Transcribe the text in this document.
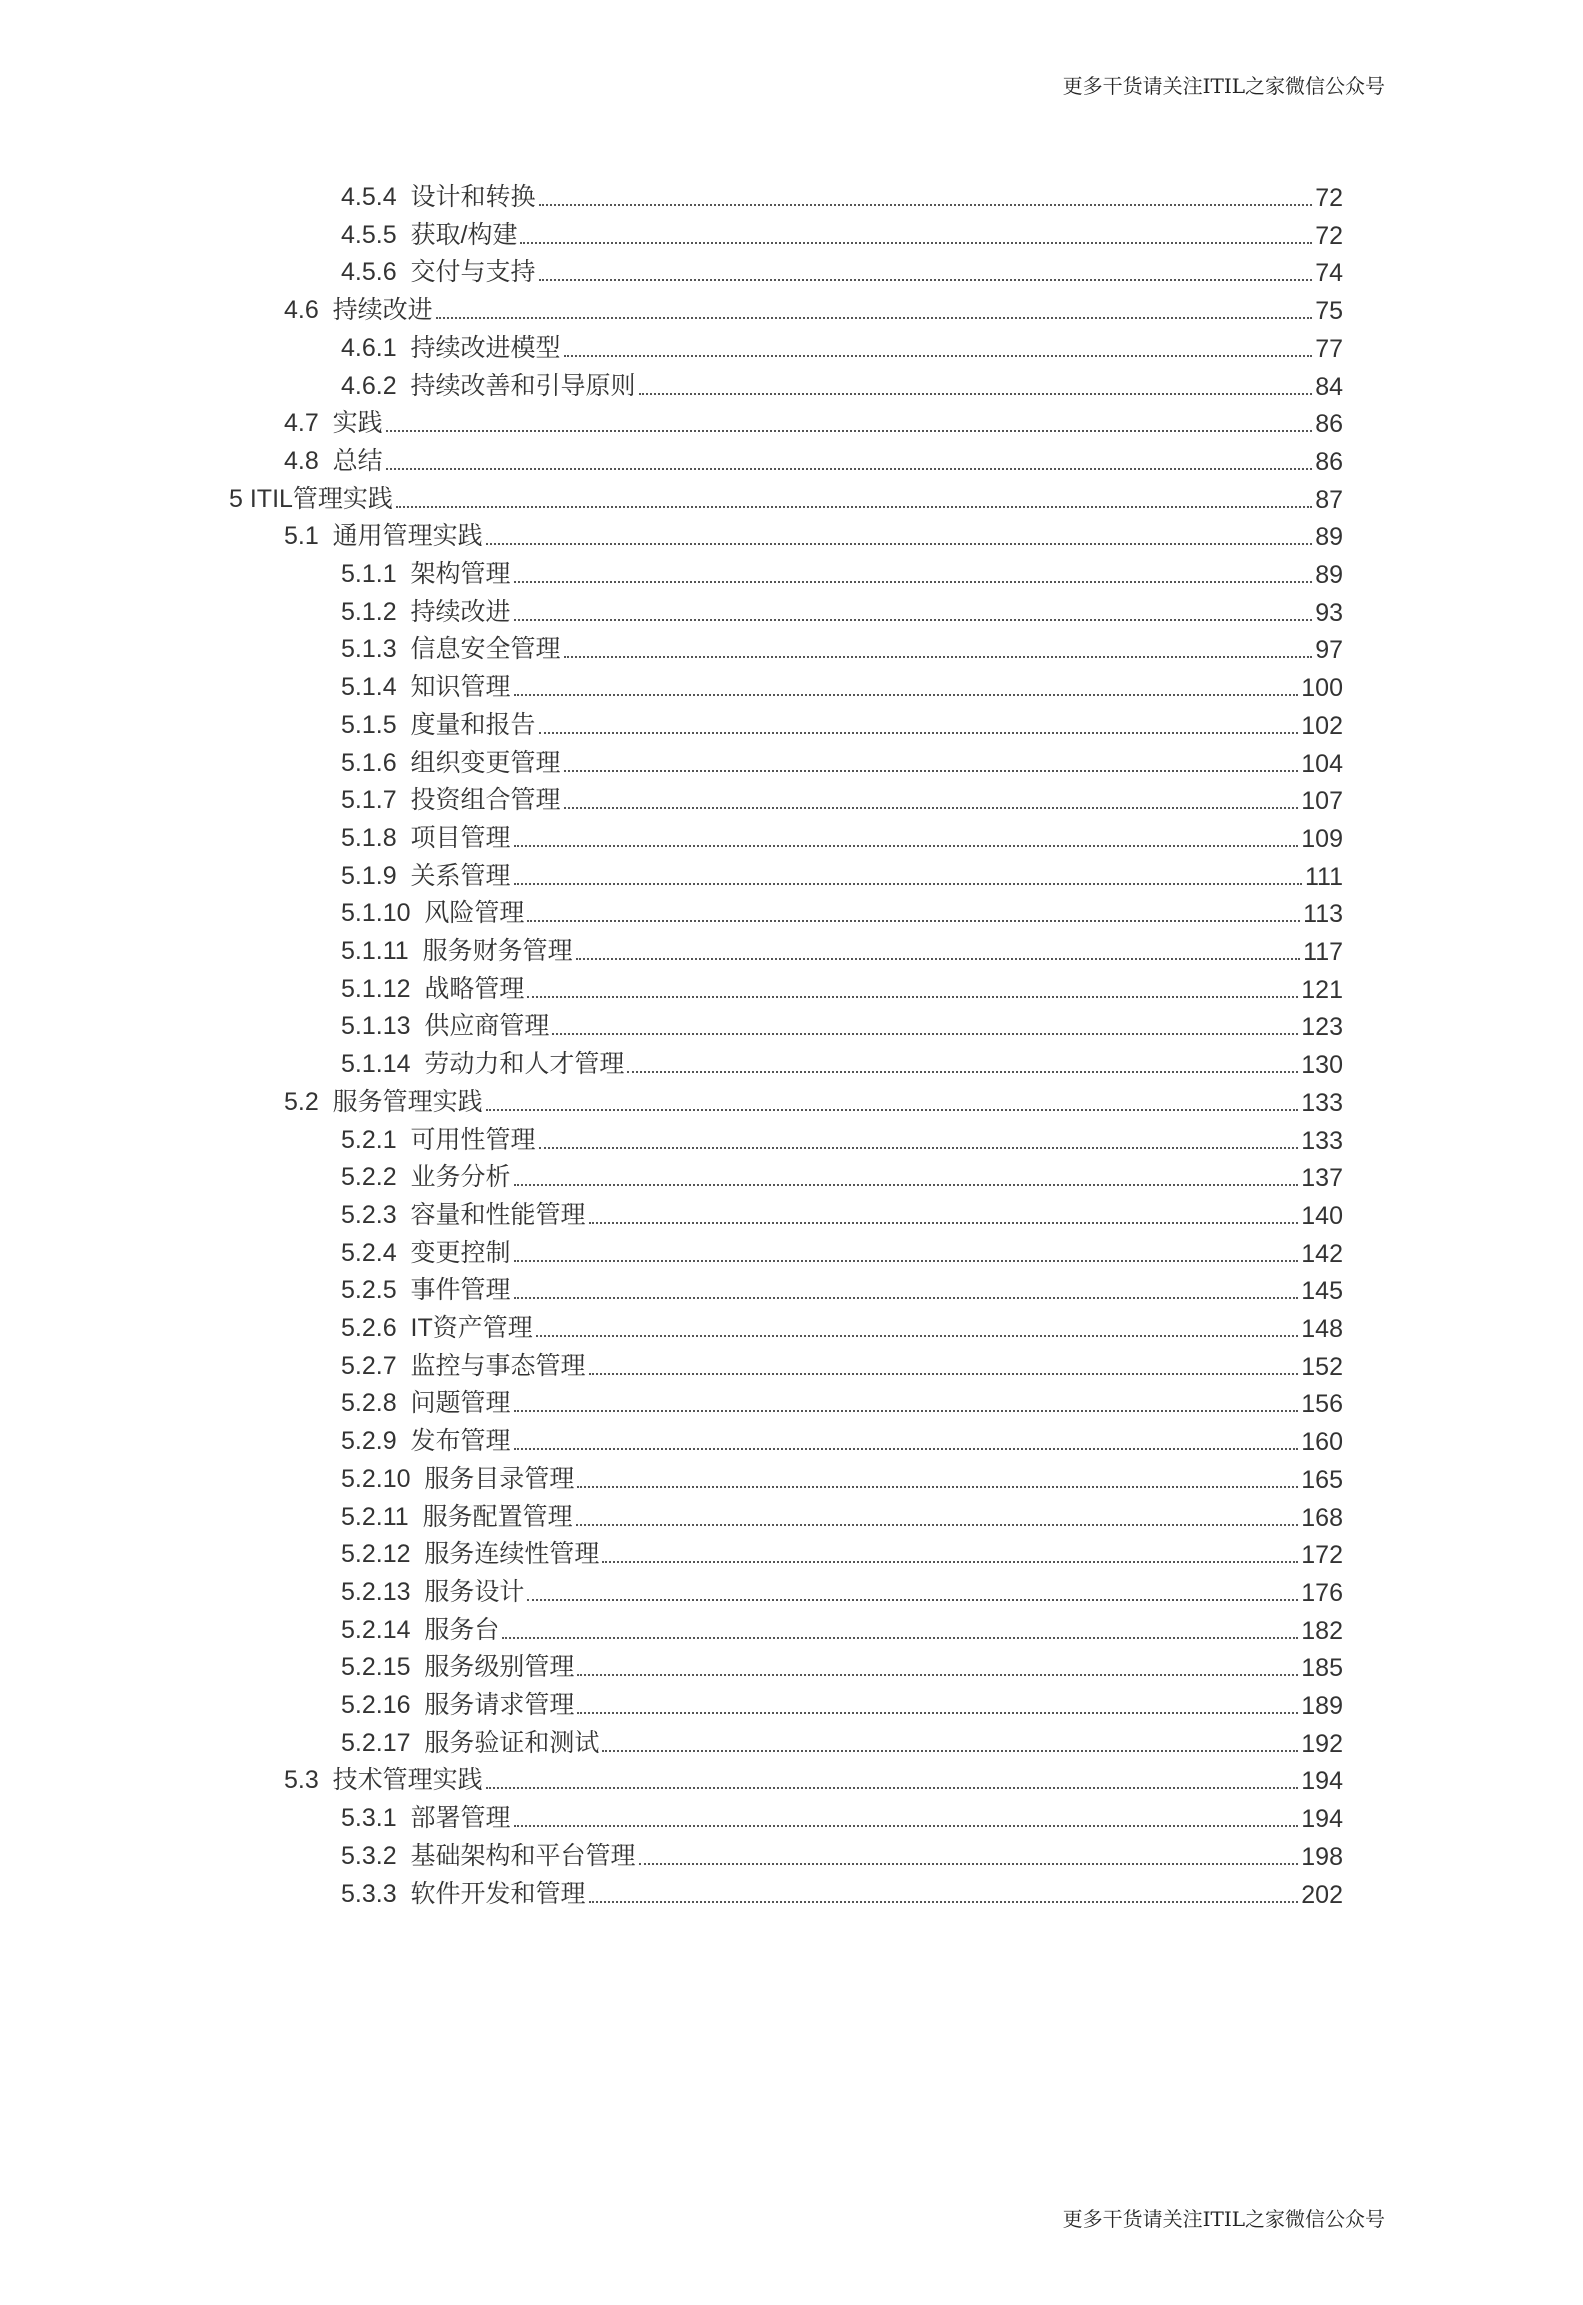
更多干货请关注ITIL之家微信公众号
4.5.4 设计和转换	72
4.5.5 获取/构建	72
4.5.6 交付与支持	74
4.6 持续改进	75
4.6.1 持续改进模型	77
4.6.2 持续改善和引导原则	84
4.7 实践	86
4.8 总结	86
5 ITIL管理实践	87
5.1 通用管理实践	89
5.1.1 架构管理	89
5.1.2 持续改进	93
5.1.3 信息安全管理	97
5.1.4 知识管理	100
5.1.5 度量和报告	102
5.1.6 组织变更管理	104
5.1.7 投资组合管理	107
5.1.8 项目管理	109
5.1.9 关系管理	111
5.1.10 风险管理	113
5.1.11 服务财务管理	117
5.1.12 战略管理	121
5.1.13 供应商管理	123
5.1.14 劳动力和人才管理	130
5.2 服务管理实践	133
5.2.1 可用性管理	133
5.2.2 业务分析	137
5.2.3 容量和性能管理	140
5.2.4 变更控制	142
5.2.5 事件管理	145
5.2.6 IT资产管理	148
5.2.7 监控与事态管理	152
5.2.8 问题管理	156
5.2.9 发布管理	160
5.2.10 服务目录管理	165
5.2.11 服务配置管理	168
5.2.12 服务连续性管理	172
5.2.13 服务设计	176
5.2.14 服务台	182
5.2.15 服务级别管理	185
5.2.16 服务请求管理	189
5.2.17 服务验证和测试	192
5.3 技术管理实践	194
5.3.1 部署管理	194
5.3.2 基础架构和平台管理	198
5.3.3 软件开发和管理	202
更多干货请关注ITIL之家微信公众号
